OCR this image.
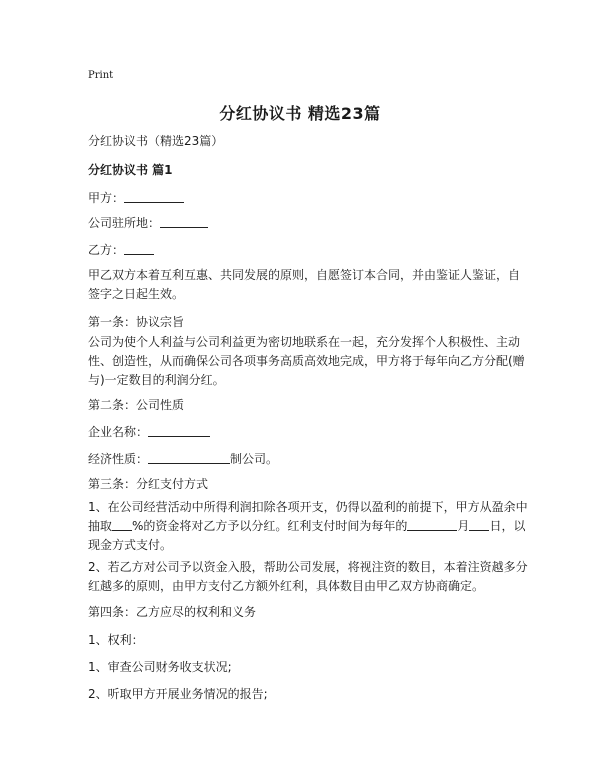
Print
分红协议书 精选23篇
分红协议书（精选23篇）
分红协议书 篇1
甲方：
公司驻所地：
乙方：
甲乙双方本着互利互惠、共同发展的原则，自愿签订本合同，并由鉴证人鉴证，自签字之日起生效。
第一条：协议宗旨
公司为使个人利益与公司利益更为密切地联系在一起，充分发挥个人积极性、主动性、创造性，从而确保公司各项事务高质高效地完成，甲方将于每年向乙方分配(赠与)一定数目的利润分红。
第二条：公司性质
企业名称：
经济性质：	制公司。
第三条：分红支付方式
1、在公司经营活动中所得利润扣除各项开支，仍得以盈利的前提下，甲方从盈余中抽取 %的资金将对乙方予以分红。红利支付时间为每年的	月 日，以现金方式支付。
2、若乙方对公司予以资金入股，帮助公司发展，将视注资的数目，本着注资越多分红越多的原则，由甲方支付乙方额外红利，具体数目由甲乙双方协商确定。
第四条：乙方应尽的权利和义务
1、权利：
1、审查公司财务收支状况;
2、听取甲方开展业务情况的报告;
